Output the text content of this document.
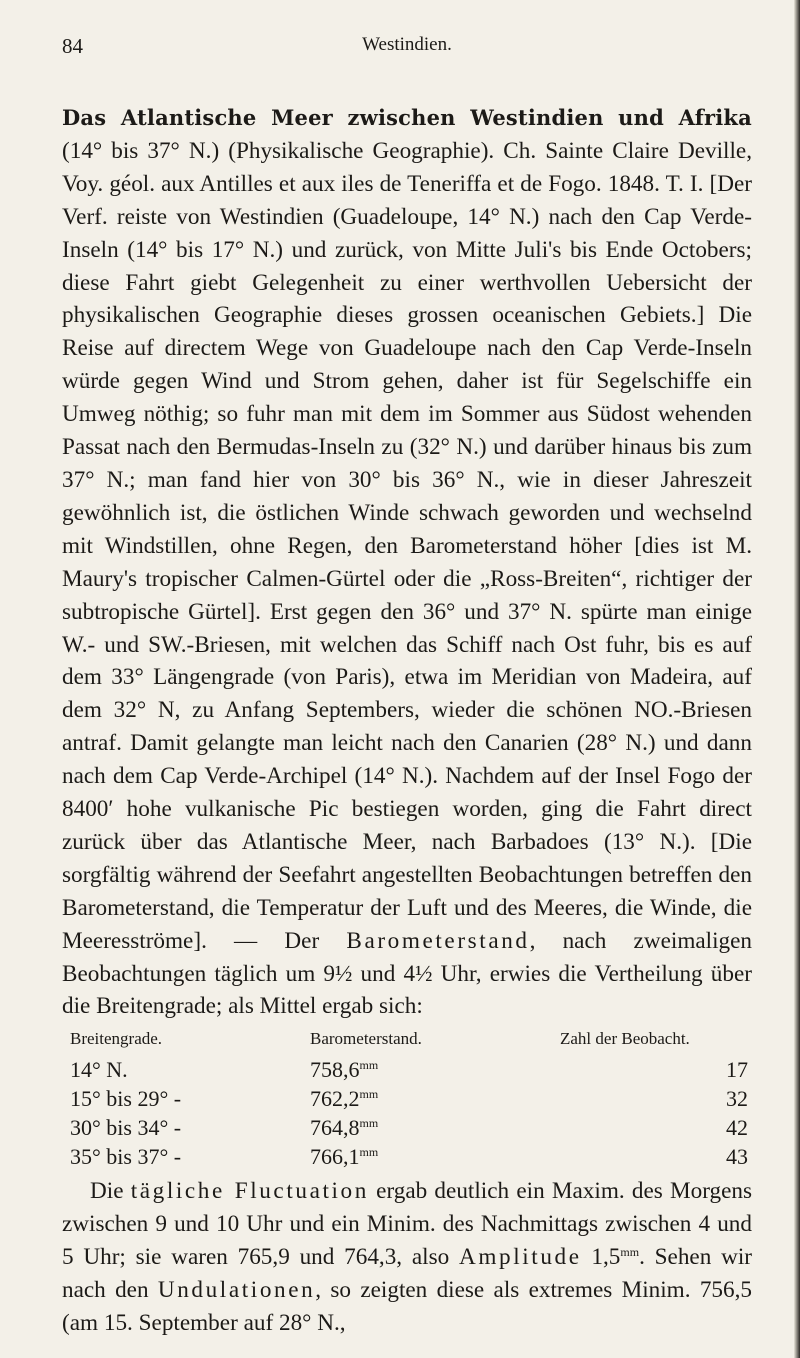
84	Westindien.
Das Atlantische Meer zwischen Westindien und Afrika (14° bis 37° N.) (Physikalische Geographie). Ch. Sainte Claire Deville, Voy. géol. aux Antilles et aux iles de Teneriffa et de Fogo. 1848. T. I. [Der Verf. reiste von Westindien (Guadeloupe, 14° N.) nach den Cap Verde-Inseln (14° bis 17° N.) und zurück, von Mitte Juli's bis Ende Octobers; diese Fahrt giebt Gelegenheit zu einer werthvollen Uebersicht der physikalischen Geographie dieses grossen oceanischen Gebiets.] Die Reise auf directem Wege von Guadeloupe nach den Cap Verde-Inseln würde gegen Wind und Strom gehen, daher ist für Segelschiffe ein Umweg nöthig; so fuhr man mit dem im Sommer aus Südost wehenden Passat nach den Bermudas-Inseln zu (32° N.) und darüber hinaus bis zum 37° N.; man fand hier von 30° bis 36° N., wie in dieser Jahreszeit gewöhnlich ist, die östlichen Winde schwach geworden und wechselnd mit Windstillen, ohne Regen, den Barometerstand höher [dies ist M. Maury's tropischer Calmen-Gürtel oder die „Ross-Breiten“, richtiger der subtropische Gürtel]. Erst gegen den 36° und 37° N. spürte man einige W.- und SW.-Briesen, mit welchen das Schiff nach Ost fuhr, bis es auf dem 33° Längengrade (von Paris), etwa im Meridian von Madeira, auf dem 32° N, zu Anfang Septembers, wieder die schönen NO.-Briesen antraf. Damit gelangte man leicht nach den Canarien (28° N.) und dann nach dem Cap Verde-Archipel (14° N.). Nachdem auf der Insel Fogo der 8400′ hohe vulkanische Pic bestiegen worden, ging die Fahrt direct zurück über das Atlantische Meer, nach Barbadoes (13° N.). [Die sorgfältig während der Seefahrt angestellten Beobachtungen betreffen den Barometerstand, die Temperatur der Luft und des Meeres, die Winde, die Meeresströme]. — Der Barometerstand, nach zweimaligen Beobachtungen täglich um 9½ und 4½ Uhr, erwies die Vertheilung über die Breitengrade; als Mittel ergab sich:
Breitengrade.	Barometerstand.	Zahl der Beobacht.
14° N.	$758,6^{mm}$	17
15° bis 29° -	$762,2^{mm}$	32
30° bis 34° -	$764,8^{mm}$	42
35° bis 37° -	$766,1^{mm}$	43
Die tägliche Fluctuation ergab deutlich ein Maxim. des Morgens zwischen 9 und 10 Uhr und ein Minim. des Nachmittags zwischen 4 und 5 Uhr; sie waren 765,9 und 764,3, also Amplitude $1,5^{mm}$. Sehen wir nach den Undulationen, so zeigten diese als extremes Minim. 756,5 (am 15. September auf 28° N.,
